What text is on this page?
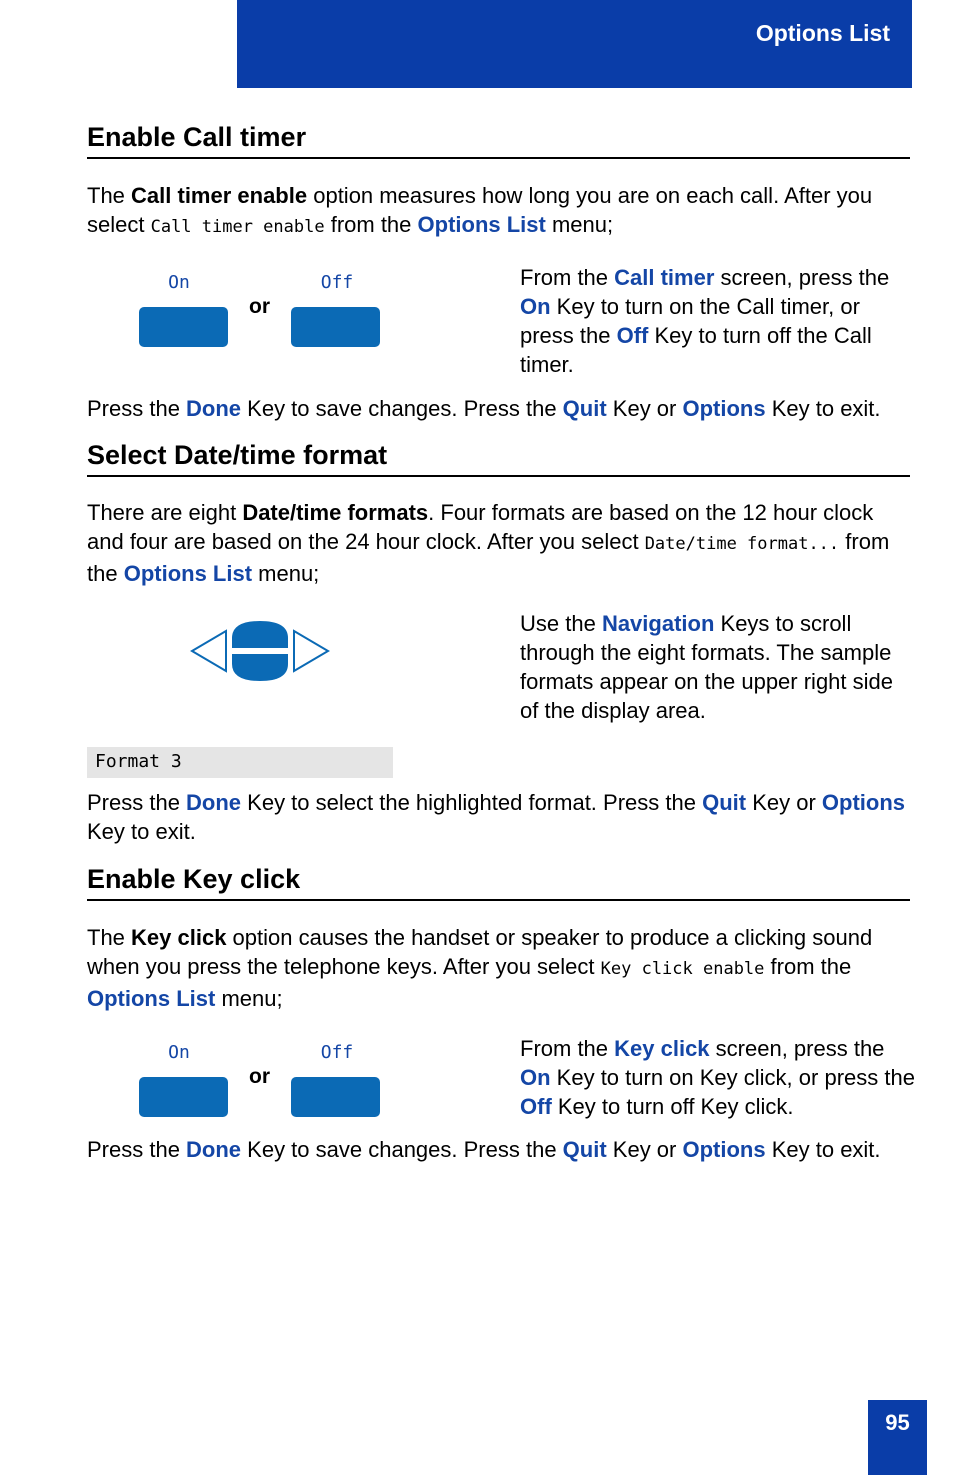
Options List
Enable Call timer
The Call timer enable option measures how long you are on each call. After you select Call timer enable from the Options List menu;
On	Off
or
From the Call timer screen, press the On Key to turn on the Call timer, or press the Off Key to turn off the Call timer.
Press the Done Key to save changes. Press the Quit Key or Options Key to exit.
Select Date/time format
There are eight Date/time formats. Four formats are based on the 12 hour clock and four are based on the 24 hour clock. After you select Date/time format... from the Options List menu;
Use the Navigation Keys to scroll through the eight formats. The sample formats appear on the upper right side of the display area.
Format 3
Press the Done Key to select the highlighted format. Press the Quit Key or Options Key to exit.
Enable Key click
The Key click option causes the handset or speaker to produce a clicking sound when you press the telephone keys. After you select Key click enable from the Options List menu;
On	Off
or
From the Key click screen, press the On Key to turn on Key click, or press the Off Key to turn off Key click.
Press the Done Key to save changes. Press the Quit Key or Options Key to exit.
95
